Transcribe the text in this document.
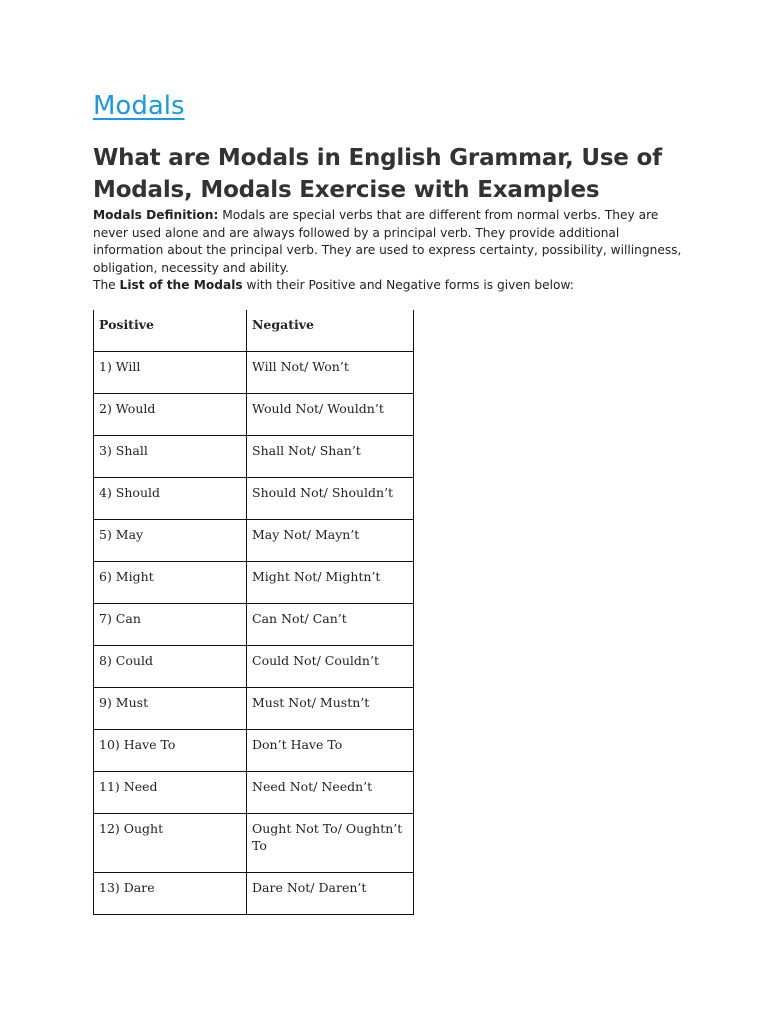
Modals
What are Modals in English Grammar, Use of Modals, Modals Exercise with Examples

Modals Definition: Modals are special verbs that are different from normal verbs. They are never used alone and are always followed by a principal verb. They provide additional information about the principal verb. They are used to express certainty, possibility, willingness, obligation, necessity and ability.

The List of the Modals with their Positive and Negative forms is given below:

Positive	Negative
1) Will	Will Not/ Won’t
2) Would	Would Not/ Wouldn’t
3) Shall	Shall Not/ Shan’t
4) Should	Should Not/ Shouldn’t
5) May	May Not/ Mayn’t
6) Might	Might Not/ Mightn’t
7) Can	Can Not/ Can’t
8) Could	Could Not/ Couldn’t
9) Must	Must Not/ Mustn’t
10) Have To	Don’t Have To
11) Need	Need Not/ Needn’t
12) Ought	Ought Not To/ Oughtn’t To
13) Dare	Dare Not/ Daren’t
